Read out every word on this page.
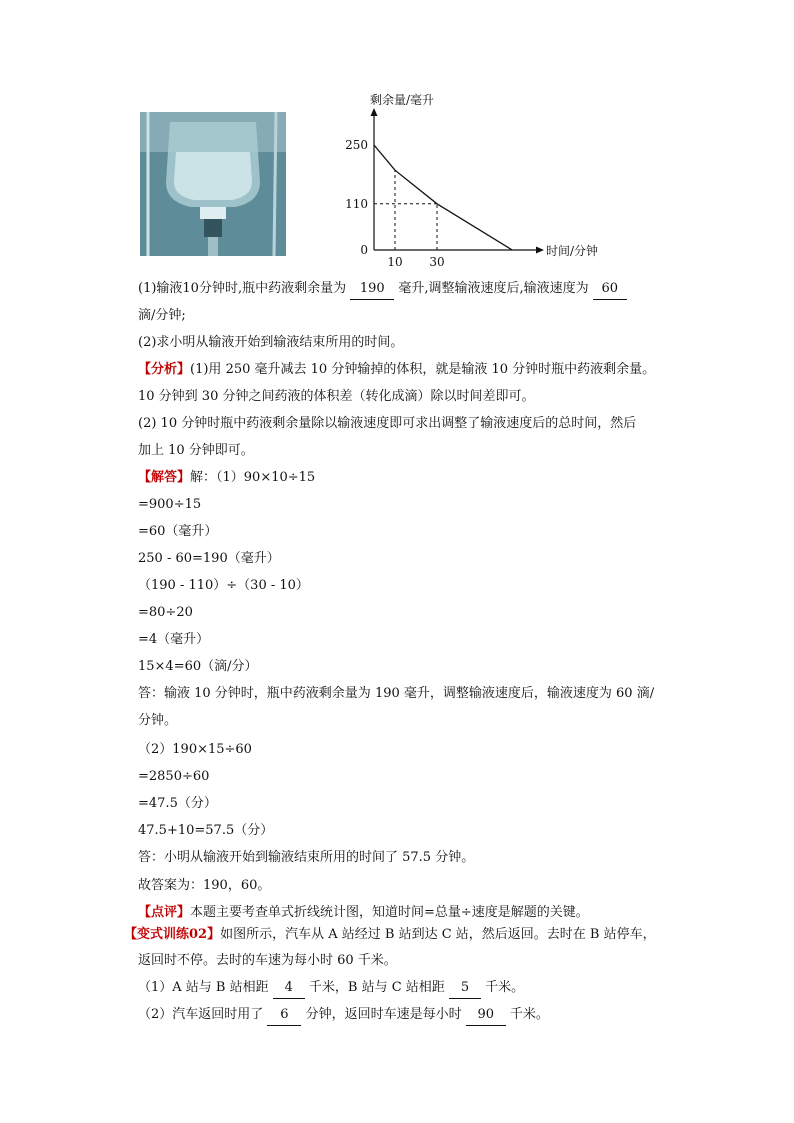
时间/分钟
剩余量/毫升
10 30
250
110
0
(1)输液10分钟时,瓶中药液剩余量为 190 毫升,调整输液速度后,输液速度为 60
滴/分钟;
(2)求小明从输液开始到输液结束所用的时间。
【分析】(1)用 250 毫升减去 10 分钟输掉的体积，就是输液 10 分钟时瓶中药液剩余量。
10 分钟到 30 分钟之间药液的体积差（转化成滴）除以时间差即可。
(2) 10 分钟时瓶中药液剩余量除以输液速度即可求出调整了输液速度后的总时间，然后
加上 10 分钟即可。
【解答】解：（1）90×10÷15
=900÷15
=60（毫升）
250 - 60=190（毫升）
（190 - 110）÷（30 - 10）
=80÷20
=4（毫升）
15×4=60（滴/分）
答：输液 10 分钟时，瓶中药液剩余量为 190 毫升，调整输液速度后，输液速度为 60 滴/
分钟。
（2）190×15÷60
=2850÷60
=47.5（分）
47.5+10=57.5（分）
答：小明从输液开始到输液结束所用的时间了 57.5 分钟。
故答案为：190，60。
【点评】本题主要考查单式折线统计图，知道时间=总量÷速度是解题的关键。
【变式训练02】如图所示，汽车从 A 站经过 B 站到达 C 站，然后返回。去时在 B 站停车，
返回时不停。去时的车速为每小时 60 千米。
（1）A 站与 B 站相距 4 千米，B 站与 C 站相距 5 千米。
（2）汽车返回时用了 6 分钟，返回时车速是每小时 90 千米。
